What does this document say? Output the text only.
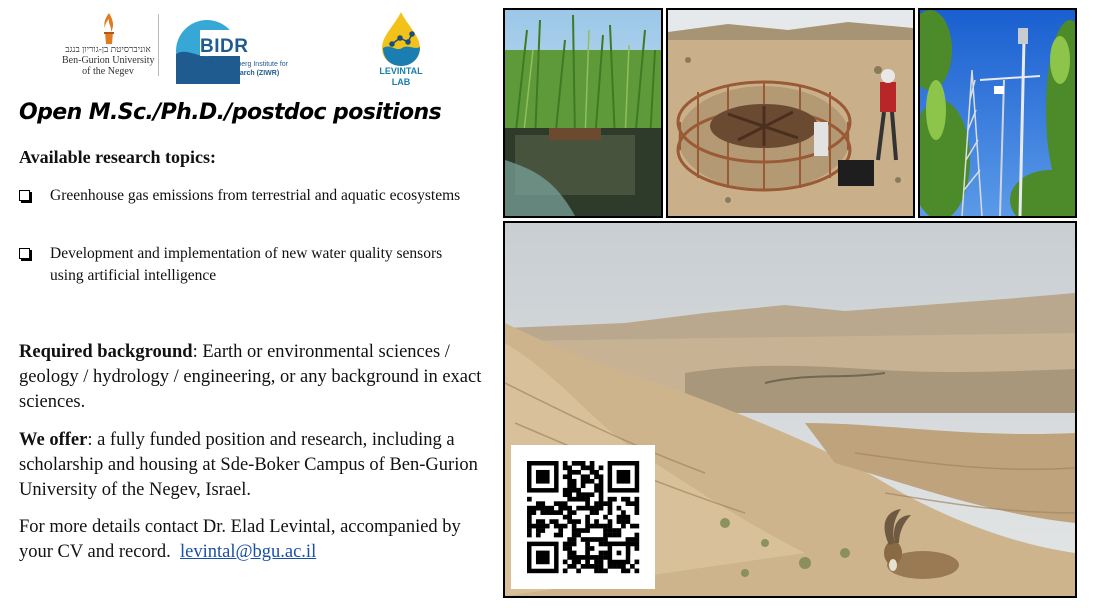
אוניברסיטת בן-גוריון בנגב
Ben-Gurion University
of the Negev
BIDR
The Zuckerberg Institute for
Water Research (ZIWR)	LEVINTAL
LAB
Open M.Sc./Ph.D./postdoc positions
Available research topics:
Greenhouse gas emissions from terrestrial and aquatic ecosystems
Development and implementation of new water quality sensors using artificial intelligence
Required background: Earth or environmental sciences / geology / hydrology / engineering, or any background in exact sciences.
We offer: a fully funded position and research, including a scholarship and housing at Sde-Boker Campus of Ben-Gurion University of the Negev, Israel.
For more details contact Dr. Elad Levintal, accompanied by your CV and record. levintal@bgu.ac.il
